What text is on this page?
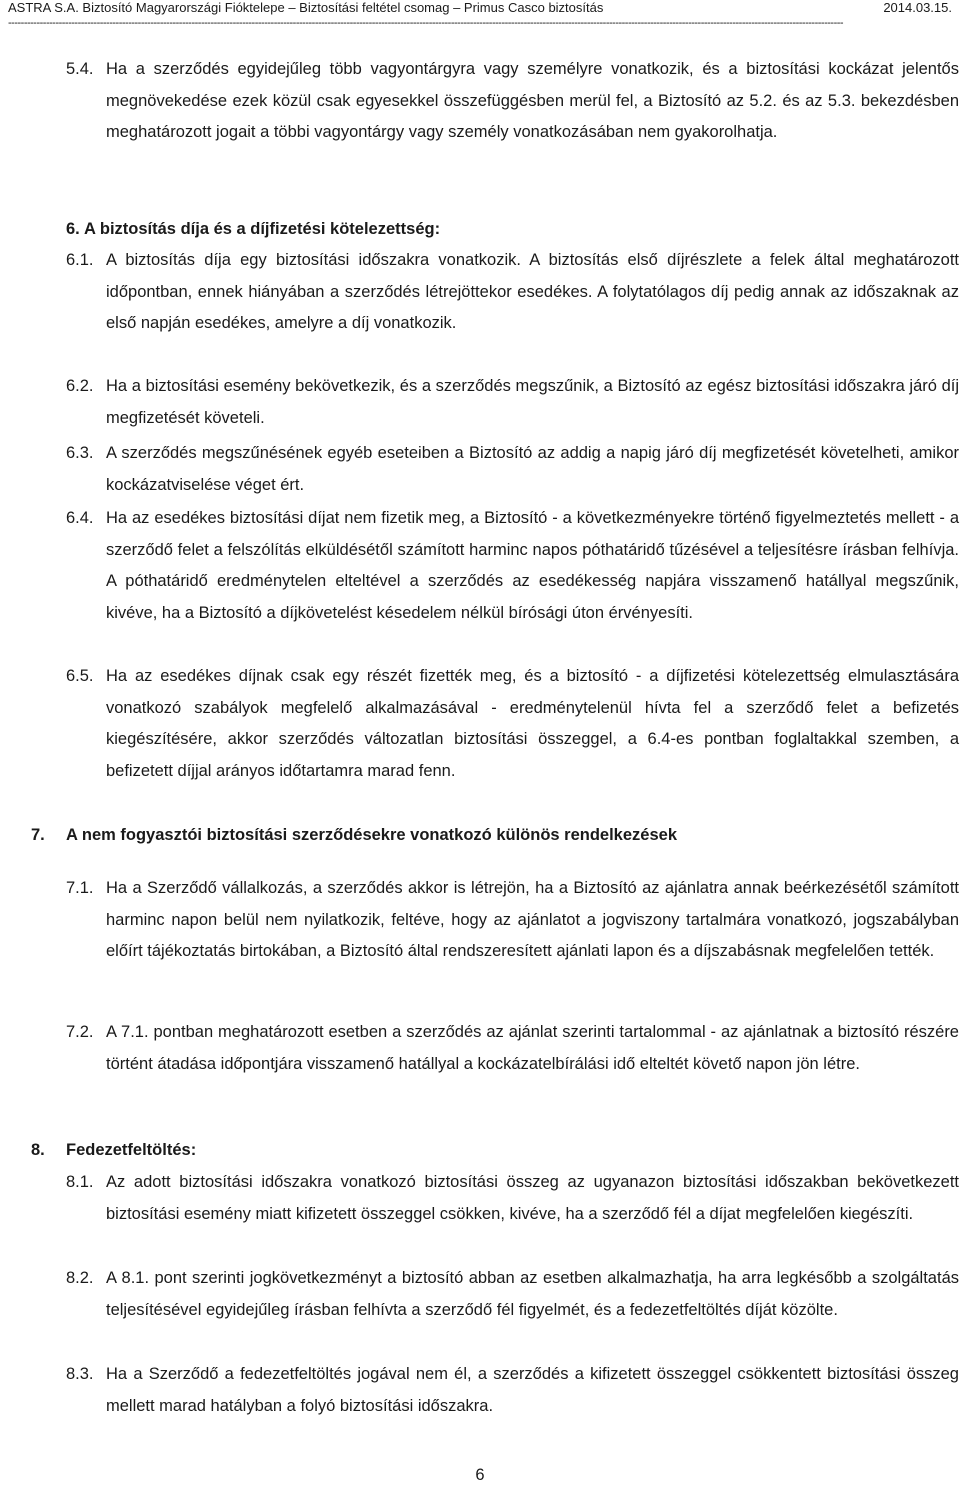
ASTRA S.A. Biztosító Magyarországi Fióktelepe – Biztosítási feltétel csomag – Primus Casco biztosítás	2014.03.15.
------------------------------------------------------------------------------------------------------------------------------------------------------------------------------------------------------------------------------------------------------------------------
5.4. Ha a szerződés egyidejűleg több vagyontárgyra vagy személyre vonatkozik, és a biztosítási kockázat jelentős megnövekedése ezek közül csak egyesekkel összefüggésben merül fel, a Biztosító az 5.2. és az 5.3. bekezdésben meghatározott jogait a többi vagyontárgy vagy személy vonatkozásában nem gyakorolhatja.
6. A biztosítás díja és a díjfizetési kötelezettség:
6.1. A biztosítás díja egy biztosítási időszakra vonatkozik. A biztosítás első díjrészlete a felek által meghatározott időpontban, ennek hiányában a szerződés létrejöttekor esedékes. A folytatólagos díj pedig annak az időszaknak az első napján esedékes, amelyre a díj vonatkozik.
6.2. Ha a biztosítási esemény bekövetkezik, és a szerződés megszűnik, a Biztosító az egész biztosítási időszakra járó díj megfizetését követeli.
6.3. A szerződés megszűnésének egyéb eseteiben a Biztosító az addig a napig járó díj megfizetését követelheti, amikor kockázatviselése véget ért.
6.4. Ha az esedékes biztosítási díjat nem fizetik meg, a Biztosító - a következményekre történő figyelmeztetés mellett - a szerződő felet a felszólítás elküldésétől számított harminc napos póthatáridő tűzésével a teljesítésre írásban felhívja. A póthatáridő eredménytelen elteltével a szerződés az esedékesség napjára visszamenő hatállyal megszűnik, kivéve, ha a Biztosító a díjkövetelést késedelem nélkül bírósági úton érvényesíti.
6.5. Ha az esedékes díjnak csak egy részét fizették meg, és a biztosító - a díjfizetési kötelezettség elmulasztására vonatkozó szabályok megfelelő alkalmazásával - eredménytelenül hívta fel a szerződő felet a befizetés kiegészítésére, akkor szerződés változatlan biztosítási összeggel, a 6.4-es pontban foglaltakkal szemben, a befizetett díjjal arányos időtartamra marad fenn.
7. A nem fogyasztói biztosítási szerződésekre vonatkozó különös rendelkezések
7.1. Ha a Szerződő vállalkozás, a szerződés akkor is létrejön, ha a Biztosító az ajánlatra annak beérkezésétől számított harminc napon belül nem nyilatkozik, feltéve, hogy az ajánlatot a jogviszony tartalmára vonatkozó, jogszabályban előírt tájékoztatás birtokában, a Biztosító által rendszeresített ajánlati lapon és a díjszabásnak megfelelően tették.
7.2. A 7.1. pontban meghatározott esetben a szerződés az ajánlat szerinti tartalommal - az ajánlatnak a biztosító részére történt átadása időpontjára visszamenő hatállyal a kockázatelbírálási idő elteltét követő napon jön létre.
8. Fedezetfeltöltés:
8.1. Az adott biztosítási időszakra vonatkozó biztosítási összeg az ugyanazon biztosítási időszakban bekövetkezett biztosítási esemény miatt kifizetett összeggel csökken, kivéve, ha a szerződő fél a díjat megfelelően kiegészíti.
8.2. A 8.1. pont szerinti jogkövetkezményt a biztosító abban az esetben alkalmazhatja, ha arra legkésőbb a szolgáltatás teljesítésével egyidejűleg írásban felhívta a szerződő fél figyelmét, és a fedezetfeltöltés díját közölte.
8.3. Ha a Szerződő a fedezetfeltöltés jogával nem él, a szerződés a kifizetett összeggel csökkentett biztosítási összeg mellett marad hatályban a folyó biztosítási időszakra.
6
